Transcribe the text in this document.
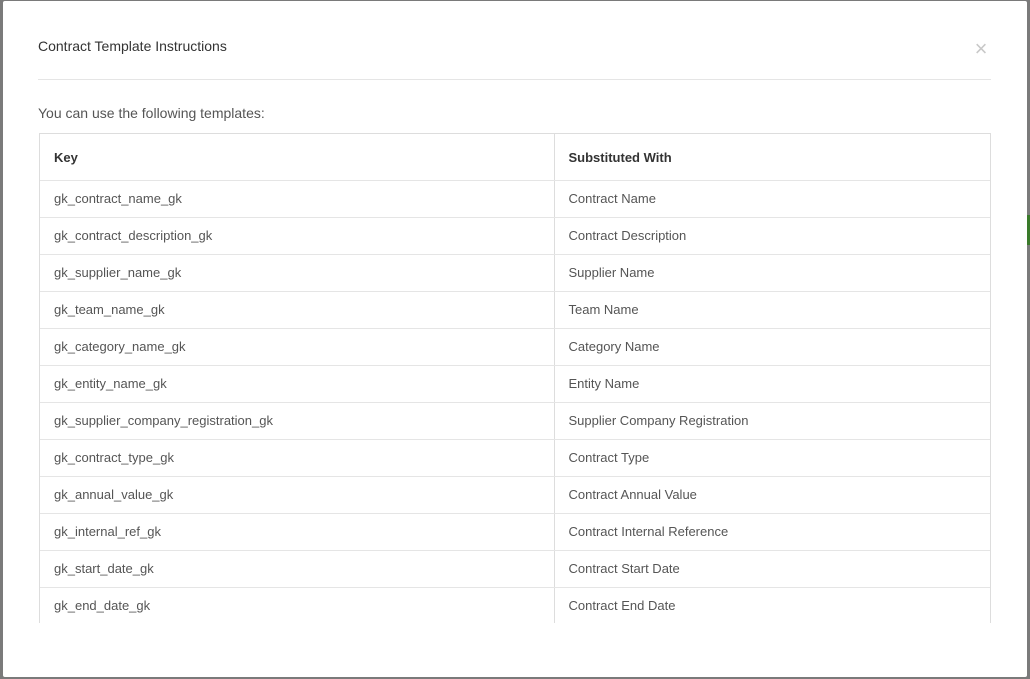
Contract Template Instructions	×
You can use the following templates:
Key	Substituted With
gk_contract_name_gk	Contract Name
gk_contract_description_gk	Contract Description
gk_supplier_name_gk	Supplier Name
gk_team_name_gk	Team Name
gk_category_name_gk	Category Name
gk_entity_name_gk	Entity Name
gk_supplier_company_registration_gk	Supplier Company Registration
gk_contract_type_gk	Contract Type
gk_annual_value_gk	Contract Annual Value
gk_internal_ref_gk	Contract Internal Reference
gk_start_date_gk	Contract Start Date
gk_end_date_gk	Contract End Date
